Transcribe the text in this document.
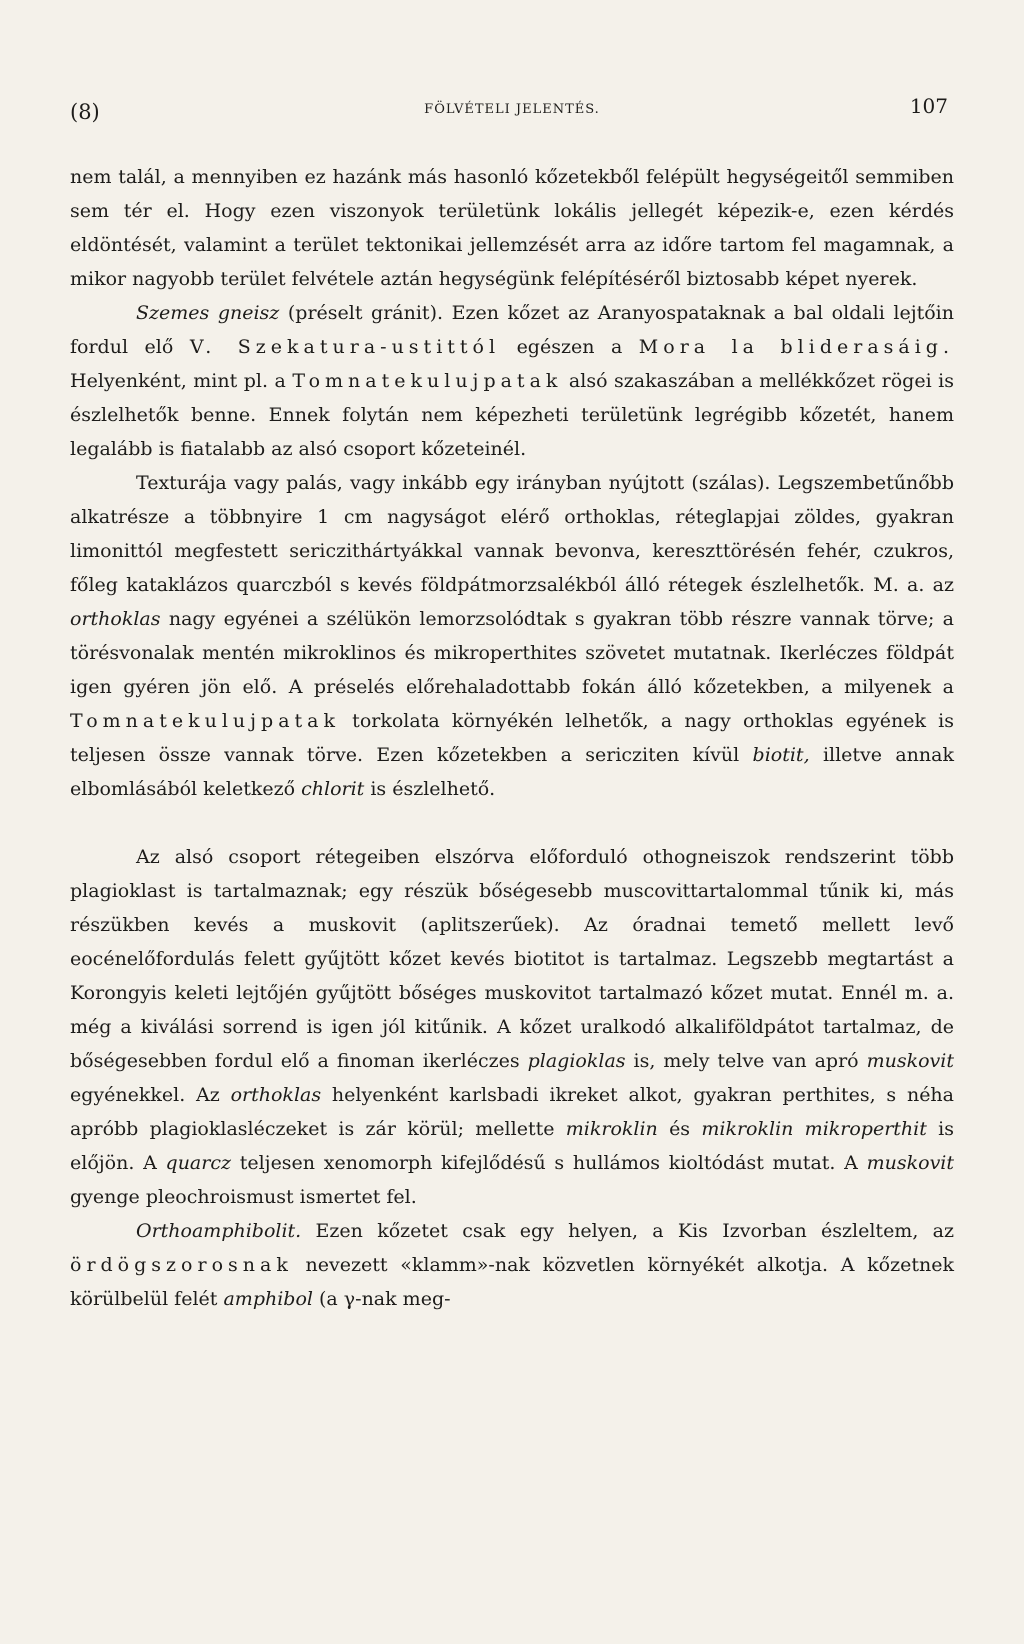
(8)	FÖLVÉTELI JELENTÉS.	107

nem talál, a mennyiben ez hazánk más hasonló kőzetekből felépült hegységeitől semmiben sem tér el. Hogy ezen viszonyok területünk lokális jellegét képezik-e, ezen kérdés eldöntését, valamint a terület tektonikai jellemzését arra az időre tartom fel magamnak, a mikor nagyobb terület felvétele aztán hegységünk felépítéséről biztosabb képet nyerek.

Szemes gneisz (préselt gránit). Ezen kőzet az Aranyospataknak a bal oldali lejtőin fordul elő V. Szekatura-ustittól egészen a Mora la bliderasáig. Helyenként, mint pl. a Tomnatekulujpatak alsó szakaszában a mellékkőzet rögei is észlelhetők benne. Ennek folytán nem képezheti területünk legrégibb kőzetét, hanem legalább is fiatalabb az alsó csoport kőzeteinél.

Texturája vagy palás, vagy inkább egy irányban nyújtott (szálas). Legszembetűnőbb alkatrésze a többnyire 1 cm nagyságot elérő orthoklas, réteglapjai zöldes, gyakran limonittól megfestett sericzithártyákkal vannak bevonva, kereszttörésén fehér, czukros, főleg kataklázos quarczból s kevés földpátmorzsalékból álló rétegek észlelhetők. M. a. az orthoklas nagy egyénei a szélükön lemorzsolódtak s gyakran több részre vannak törve; a törésvonalak mentén mikroklinos és mikroperthites szövetet mutatnak. Ikerléczes földpát igen gyéren jön elő. A préselés előrehaladottabb fokán álló kőzetekben, a milyenek a Tomnatekulujpatak torkolata környékén lelhetők, a nagy orthoklas egyének is teljesen össze vannak törve. Ezen kőzetekben a sericziten kívül biotit, illetve annak elbomlásából keletkező chlorit is észlelhető.

Az alsó csoport rétegeiben elszórva előforduló othogneiszok rendszerint több plagioklast is tartalmaznak; egy részük bőségesebb muscovittartalommal tűnik ki, más részükben kevés a muskovit (aplitszerűek). Az óradnai temető mellett levő eocénelőfordulás felett gyűjtött kőzet kevés biotitot is tartalmaz. Legszebb megtartást a Korongyis keleti lejtőjén gyűjtött bőséges muskovitot tartalmazó kőzet mutat. Ennél m. a. még a kiválási sorrend is igen jól kitűnik. A kőzet uralkodó alkaliföldpátot tartalmaz, de bőségesebben fordul elő a finoman ikerléczes plagioklas is, mely telve van apró muskovit egyénekkel. Az orthoklas helyenként karlsbadi ikreket alkot, gyakran perthites, s néha apróbb plagioklasléczeket is zár körül; mellette mikroklin és mikroklin mikroperthit is előjön. A quarcz teljesen xenomorph kifejlődésű s hullámos kioltódást mutat. A muskovit gyenge pleochroismust ismertet fel.

Orthoamphibolit. Ezen kőzetet csak egy helyen, a Kis Izvorban észleltem, az ördögszorosnak nevezett «klamm»-nak közvetlen környékét alkotja. A kőzetnek körülbelül felét amphibol (a γ-nak meg-
